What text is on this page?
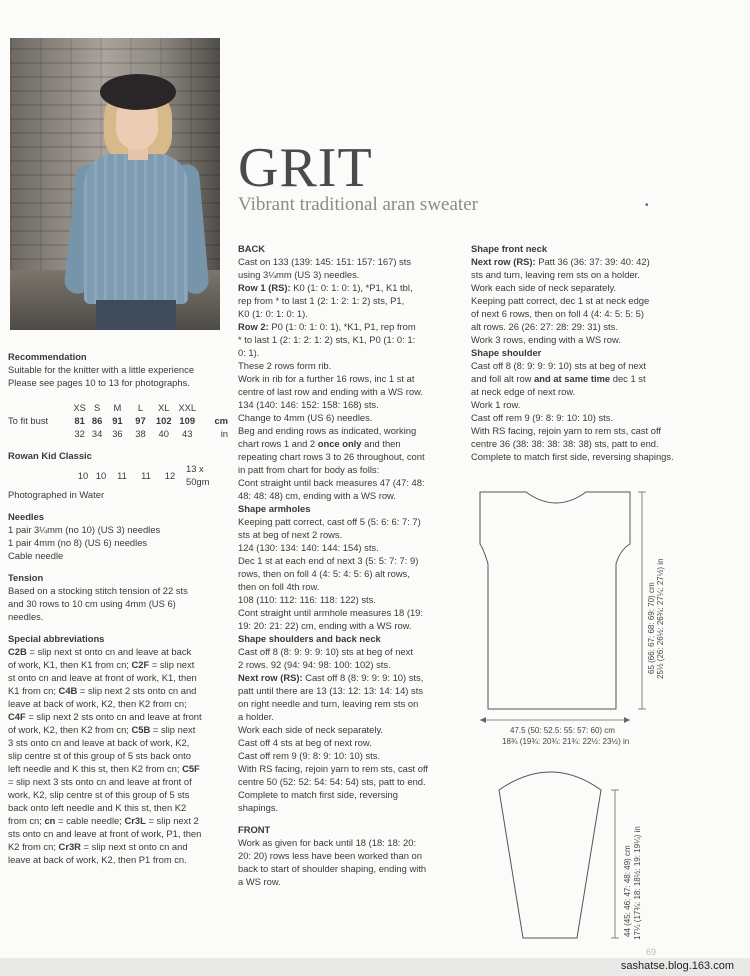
GRIT
Vibrant traditional aran sweater	•

Recommendation

Suitable for the knitter with a little experience

Please see pages 10 to 13 for photographs.

	XS	S	M	L	XL	XXL	
To fit bust	81	86	91	97	102	109	cm
	32	34	36	38	40	43	in

Rowan Kid Classic

	10	10	11	11	12	13 x 50gm

Photographed in Water

Needles

1 pair 3¼mm (no 10) (US 3) needles

1 pair 4mm (no 8) (US 6) needles

Cable needle

Tension

Based on a stocking stitch tension of 22 sts

and 30 rows to 10 cm using 4mm (US 6)

needles.

Special abbreviations

C2B = slip next st onto cn and leave at back

of work, K1, then K1 from cn; C2F = slip next

st onto cn and leave at front of work, K1, then

K1 from cn; C4B = slip next 2 sts onto cn and

leave at back of work, K2, then K2 from cn;

C4F = slip next 2 sts onto cn and leave at front

of work, K2, then K2 from cn; C5B = slip next

3 sts onto cn and leave at back of work, K2,

slip centre st of this group of 5 sts back onto

left needle and K this st, then K2 from cn; C5F

= slip next 3 sts onto cn and leave at front of

work, K2, slip centre st of this group of 5 sts

back onto left needle and K this st, then K2

from cn; cn = cable needle; Cr3L = slip next 2

sts onto cn and leave at front of work, P1, then

K2 from cn; Cr3R = slip next st onto cn and

leave at back of work, K2, then P1 from cn.

BACK

Cast on 133 (139: 145: 151: 157: 167) sts

using 3¼mm (US 3) needles.

Row 1 (RS): K0 (1: 0: 1: 0: 1), *P1, K1 tbl,

rep from * to last 1 (2: 1: 2: 1: 2) sts, P1,

K0 (1: 0: 1: 0: 1).

Row 2: P0 (1: 0: 1: 0: 1), *K1, P1, rep from

* to last 1 (2: 1: 2: 1: 2) sts, K1, P0 (1: 0: 1:

0: 1).

These 2 rows form rib.

Work in rib for a further 16 rows, inc 1 st at

centre of last row and ending with a WS row.

134 (140: 146: 152: 158: 168) sts.

Change to 4mm (US 6) needles.

Beg and ending rows as indicated, working

chart rows 1 and 2 once only and then

repeating chart rows 3 to 26 throughout, cont

in patt from chart for body as folls:

Cont straight until back measures 47 (47: 48:

48: 48: 48) cm, ending with a WS row.

Shape armholes

Keeping patt correct, cast off 5 (5: 6: 6: 7: 7)

sts at beg of next 2 rows.

124 (130: 134: 140: 144: 154) sts.

Dec 1 st at each end of next 3 (5: 5: 7: 7: 9)

rows, then on foll 4 (4: 5: 4: 5: 6) alt rows,

then on foll 4th row.

108 (110: 112: 116: 118: 122) sts.

Cont straight until armhole measures 18 (19:

19: 20: 21: 22) cm, ending with a WS row.

Shape shoulders and back neck

Cast off 8 (8: 9: 9: 9: 10) sts at beg of next

2 rows. 92 (94: 94: 98: 100: 102) sts.

Next row (RS): Cast off 8 (8: 9: 9: 9: 10) sts,

patt until there are 13 (13: 12: 13: 14: 14) sts

on right needle and turn, leaving rem sts on

a holder.

Work each side of neck separately.

Cast off 4 sts at beg of next row.

Cast off rem 9 (9: 8: 9: 10: 10) sts.

With RS facing, rejoin yarn to rem sts, cast off

centre 50 (52: 52: 54: 54: 54) sts, patt to end.

Complete to match first side, reversing

shapings.

FRONT

Work as given for back until 18 (18: 18: 20:

20: 20) rows less have been worked than on

back to start of shoulder shaping, ending with

a WS row.

Shape front neck

Next row (RS): Patt 36 (36: 37: 39: 40: 42)

sts and turn, leaving rem sts on a holder.

Work each side of neck separately.

Keeping patt correct, dec 1 st at neck edge

of next 6 rows, then on foll 4 (4: 4: 5: 5: 5)

alt rows. 26 (26: 27: 28: 29: 31) sts.

Work 3 rows, ending with a WS row.

Shape shoulder

Cast off 8 (8: 9: 9: 9: 10) sts at beg of next

and foll alt row and at same time dec 1 st

at neck edge of next row.

Work 1 row.

Cast off rem 9 (9: 8: 9: 10: 10) sts.

With RS facing, rejoin yarn to rem sts, cast off

centre 36 (38: 38: 38: 38: 38) sts, patt to end.

Complete to match first side, reversing shapings.

65 (66: 67: 68: 69: 70) cm 25½ (26: 26½: 26¾: 27¼: 27½) in
47.5 (50: 52.5: 55: 57: 60) cm
18¾ (19¾: 20¾: 21¾: 22½: 23½) in
44 (45: 46: 47: 48: 49) cm 17¼ (17¾: 18: 18½: 19: 19¼) in
69
sashatse.blog.163.com
